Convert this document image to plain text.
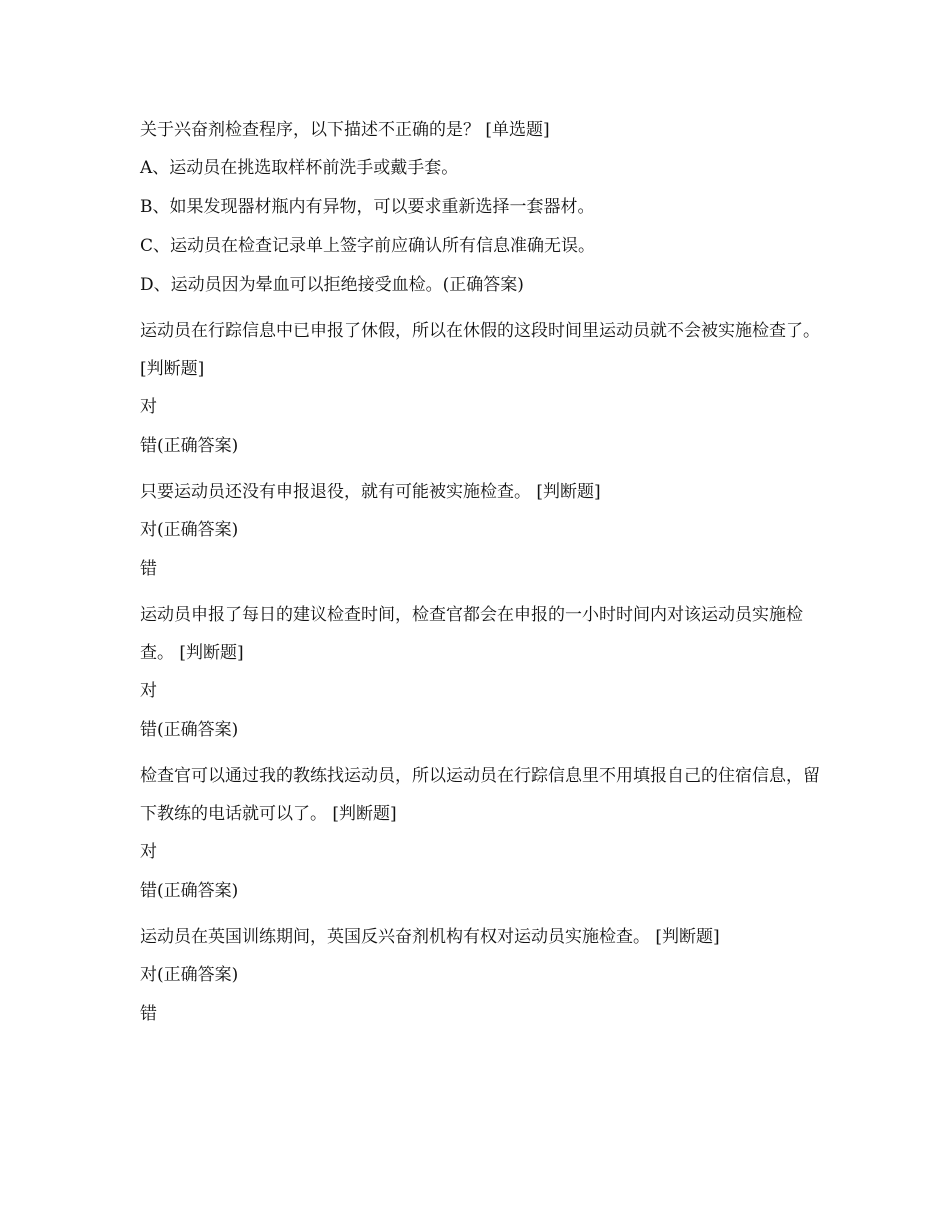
关于兴奋剂检查程序，以下描述不正确的是？ [单选题]

A、运动员在挑选取样杯前洗手或戴手套。

B、如果发现器材瓶内有异物，可以要求重新选择一套器材。

C、运动员在检查记录单上签字前应确认所有信息准确无误。

D、运动员因为晕血可以拒绝接受血检。(正确答案)

运动员在行踪信息中已申报了休假，所以在休假的这段时间里运动员就不会被实施检查了。 [判断题]

对

错(正确答案)

只要运动员还没有申报退役，就有可能被实施检查。 [判断题]

对(正确答案)

错

运动员申报了每日的建议检查时间，检查官都会在申报的一小时时间内对该运动员实施检查。 [判断题]

对

错(正确答案)

检查官可以通过我的教练找运动员，所以运动员在行踪信息里不用填报自己的住宿信息，留下教练的电话就可以了。 [判断题]

对

错(正确答案)

运动员在英国训练期间，英国反兴奋剂机构有权对运动员实施检查。 [判断题]

对(正确答案)

错
